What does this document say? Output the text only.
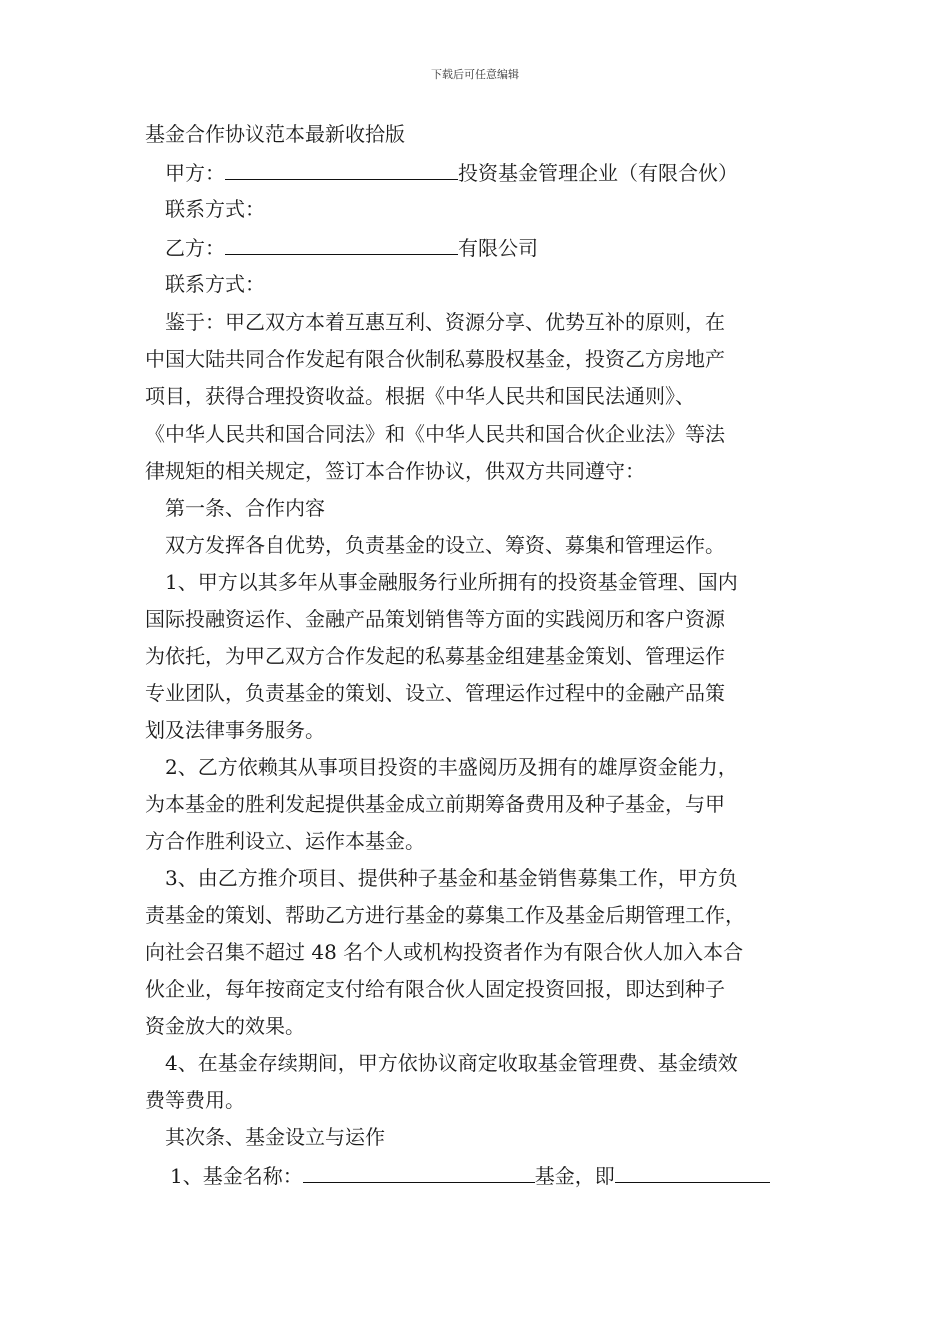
下载后可任意编辑
基金合作协议范本最新收拾版
甲方：	投资基金管理企业（有限合伙）
联系方式：
乙方：	有限公司
联系方式：
鉴于：甲乙双方本着互惠互利、资源分享、优势互补的原则，在
中国大陆共同合作发起有限合伙制私募股权基金，投资乙方房地产
项目，获得合理投资收益。根据《中华人民共和国民法通则》、
《中华人民共和国合同法》和《中华人民共和国合伙企业法》等法
律规矩的相关规定，签订本合作协议，供双方共同遵守：
第一条、合作内容
双方发挥各自优势，负责基金的设立、筹资、募集和管理运作。
1、甲方以其多年从事金融服务行业所拥有的投资基金管理、国内
国际投融资运作、金融产品策划销售等方面的实践阅历和客户资源
为依托，为甲乙双方合作发起的私募基金组建基金策划、管理运作
专业团队，负责基金的策划、设立、管理运作过程中的金融产品策
划及法律事务服务。
2、乙方依赖其从事项目投资的丰盛阅历及拥有的雄厚资金能力，
为本基金的胜利发起提供基金成立前期筹备费用及种子基金，与甲
方合作胜利设立、运作本基金。
3、由乙方推介项目、提供种子基金和基金销售募集工作，甲方负
责基金的策划、帮助乙方进行基金的募集工作及基金后期管理工作，
向社会召集不超过 48 名个人或机构投资者作为有限合伙人加入本合
伙企业，每年按商定支付给有限合伙人固定投资回报，即达到种子
资金放大的效果。
4、在基金存续期间，甲方依协议商定收取基金管理费、基金绩效
费等费用。
其次条、基金设立与运作
1、基金名称：	基金，即
